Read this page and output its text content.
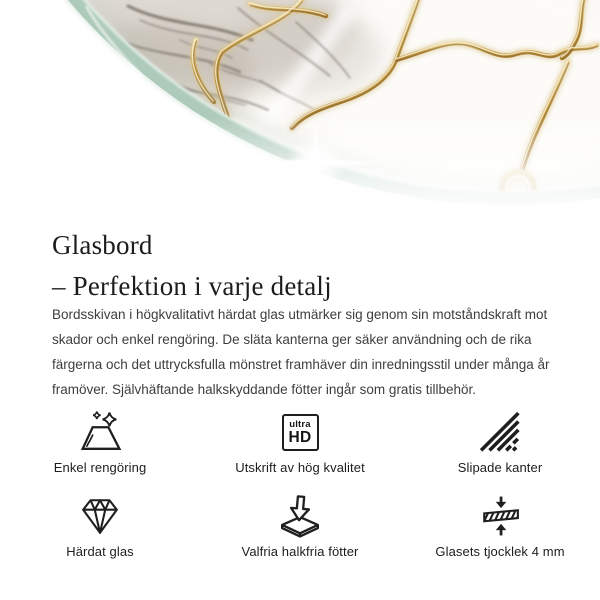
Glasbord
– Perfektion i varje detalj

Bordsskivan i högkvalitativt härdat glas utmärker sig genom sin motståndskraft mot skador och enkel rengöring. De släta kanterna ger säker användning och de rika färgerna och det uttrycksfulla mönstret framhäver din inredningsstil under många år framöver. Självhäftande halkskyddande fötter ingår som gratis tillbehör.

Enkel rengöring
ultra
HD
Utskrift av hög kvalitet	Slipade kanter
Härdat glas	Valfria halkfria fötter	Glasets tjocklek 4 mm
